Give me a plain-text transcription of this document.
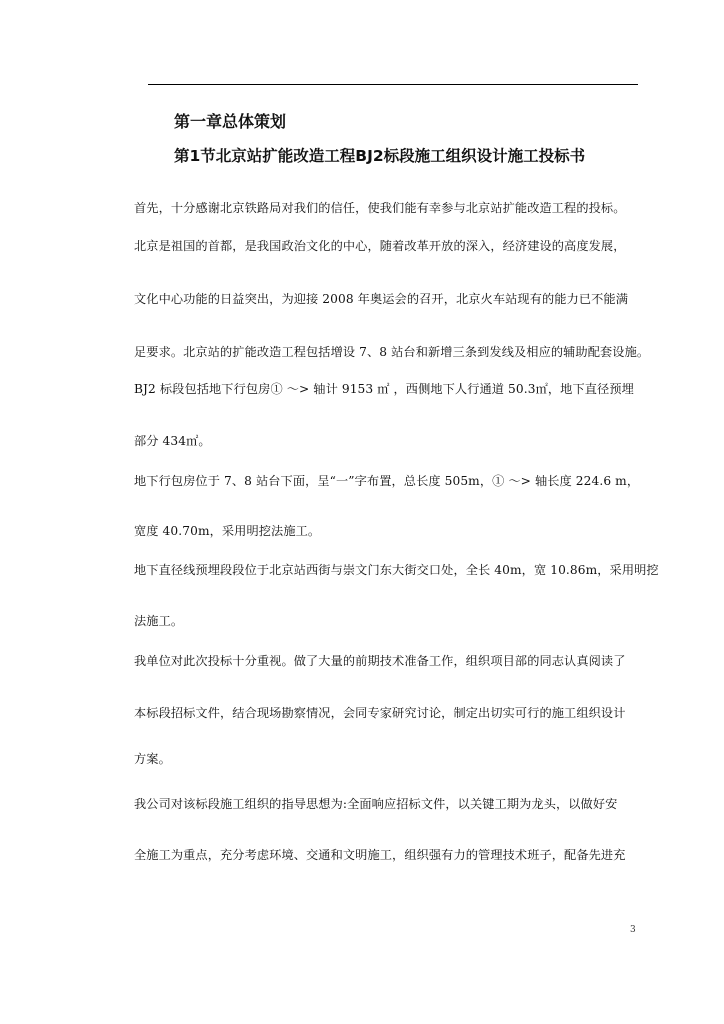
第一章总体策划
第1节北京站扩能改造工程BJ2标段施工组织设计施工投标书
首先，十分感谢北京铁路局对我们的信任，使我们能有幸参与北京站扩能改造工程的投标。
北京是祖国的首都，是我国政治文化的中心，随着改革开放的深入，经济建设的高度发展，
文化中心功能的日益突出，为迎接 2008 年奥运会的召开，北京火车站现有的能力已不能满
足要求。北京站的扩能改造工程包括增设 7、8 站台和新增三条到发线及相应的辅助配套设施。
BJ2 标段包括地下行包房① ～> 轴计 9153 ㎡ ，西侧地下人行通道 50.3㎡，地下直径预埋
部分 434㎡。
地下行包房位于 7、8 站台下面，呈“一”字布置，总长度 505m，① ～> 轴长度 224.6 m，
宽度 40.70m，采用明挖法施工。
地下直径线预埋段段位于北京站西街与崇文门东大街交口处，全长 40m，宽 10.86m，采用明挖
法施工。
我单位对此次投标十分重视。做了大量的前期技术准备工作，组织项目部的同志认真阅读了
本标段招标文件，结合现场勘察情况，会同专家研究讨论，制定出切实可行的施工组织设计
方案。
我公司对该标段施工组织的指导思想为:全面响应招标文件，以关键工期为龙头，以做好安
全施工为重点，充分考虑环境、交通和文明施工，组织强有力的管理技术班子，配备先进充
3
